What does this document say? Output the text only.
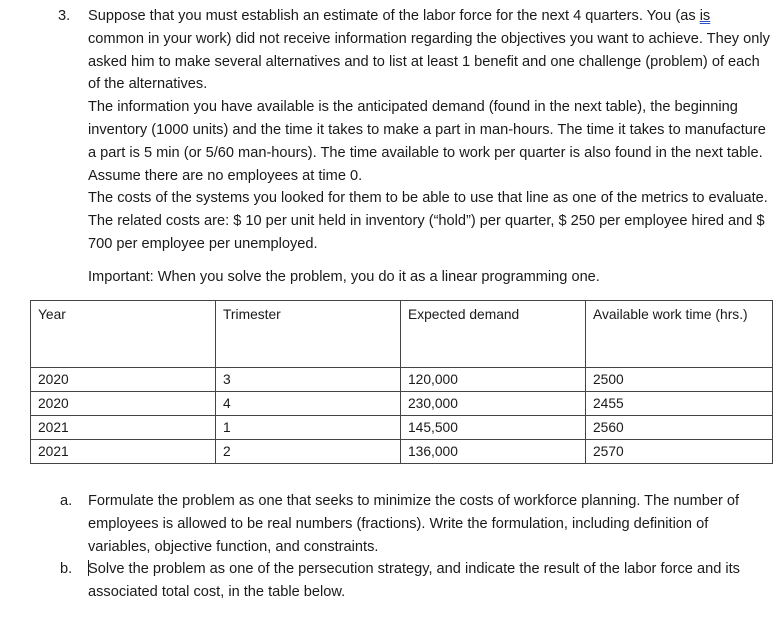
3. Suppose that you must establish an estimate of the labor force for the next 4 quarters. You (as is common in your work) did not receive information regarding the objectives you want to achieve. They only asked him to make several alternatives and to list at least 1 benefit and one challenge (problem) of each of the alternatives.

The information you have available is the anticipated demand (found in the next table), the beginning inventory (1000 units) and the time it takes to make a part in man-hours. The time it takes to manufacture a part is 5 min (or 5/60 man-hours). The time available to work per quarter is also found in the next table. Assume there are no employees at time 0.

The costs of the systems you looked for them to be able to use that line as one of the metrics to evaluate. The related costs are: $ 10 per unit held in inventory (“hold”) per quarter, $ 250 per employee hired and $ 700 per employee per unemployed.

Important: When you solve the problem, you do it as a linear programming one.

Year	Trimester	Expected demand	Available work time (hrs.)
2020	3	120,000	2500
2020	4	230,000	2455
2021	1	145,500	2560
2021	2	136,000	2570
a. Formulate the problem as one that seeks to minimize the costs of workforce planning. The number of employees is allowed to be real numbers (fractions). Write the formulation, including definition of variables, objective function, and constraints.
b. Solve the problem as one of the persecution strategy, and indicate the result of the labor force and its associated total cost, in the table below.
